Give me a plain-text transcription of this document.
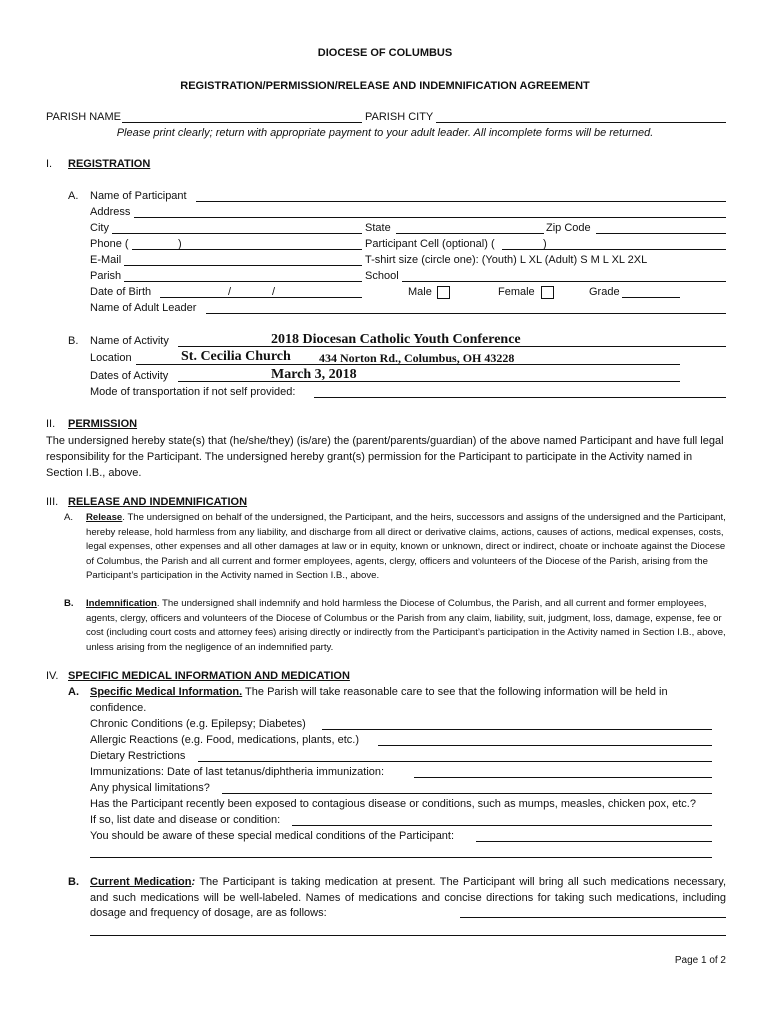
DIOCESE OF COLUMBUS
REGISTRATION/PERMISSION/RELEASE AND INDEMNIFICATION AGREEMENT
PARISH NAME	PARISH CITY
Please print clearly; return with appropriate payment to your adult leader. All incomplete forms will be returned.
I. REGISTRATION
A. Name of Participant
Address
City	State	Zip Code
Phone (	)	Participant Cell (optional) (	)
E-Mail	T-shirt size (circle one): (Youth) L XL (Adult) S M L XL 2XL
Parish	School
Date of Birth	/	/	Male	Female	Grade
Name of Adult Leader
B. Name of Activity	2018 Diocesan Catholic Youth Conference
Location	St. Cecilia Church 434 Norton Rd., Columbus, OH 43228
Dates of Activity	March 3, 2018
Mode of transportation if not self provided:
II. PERMISSION
The undersigned hereby state(s) that (he/she/they) (is/are) the (parent/parents/guardian) of the above named Participant and have full legal responsibility for the Participant. The undersigned hereby grant(s) permission for the Participant to participate in the Activity named in Section I.B., above.
III. RELEASE AND INDEMNIFICATION
A. Release. The undersigned on behalf of the undersigned, the Participant, and the heirs, successors and assigns of the undersigned and the Participant, hereby release, hold harmless from any liability, and discharge from all direct or derivative claims, actions, causes of actions, medical expenses, costs, legal expenses, other expenses and all other damages at law or in equity, known or unknown, direct or indirect, choate or inchoate against the Diocese of Columbus, the Parish and all current and former employees, agents, clergy, officers and volunteers of the Diocese of the Parish, arising from the Participant’s participation in the Activity named in Section I.B., above.
B. Indemnification. The undersigned shall indemnify and hold harmless the Diocese of Columbus, the Parish, and all current and former employees, agents, clergy, officers and volunteers of the Diocese of Columbus or the Parish from any claim, liability, suit, judgment, loss, damage, expense, fee or cost (including court costs and attorney fees) arising directly or indirectly from the Participant’s participation in the Activity named in Section I.B., above, unless arising from the negligence of an indemnified party.
IV. SPECIFIC MEDICAL INFORMATION AND MEDICATION
A. Specific Medical Information. The Parish will take reasonable care to see that the following information will be held in confidence.
Chronic Conditions (e.g. Epilepsy; Diabetes)
Allergic Reactions (e.g. Food, medications, plants, etc.)
Dietary Restrictions
Immunizations: Date of last tetanus/diphtheria immunization:
Any physical limitations?
Has the Participant recently been exposed to contagious disease or conditions, such as mumps, measles, chicken pox, etc.?
If so, list date and disease or condition:
You should be aware of these special medical conditions of the Participant:
B. Current Medication: The Participant is taking medication at present. The Participant will bring all such medications necessary, and such medications will be well-labeled. Names of medications and concise directions for taking such medications, including dosage and frequency of dosage, are as follows:
Page 1 of 2
